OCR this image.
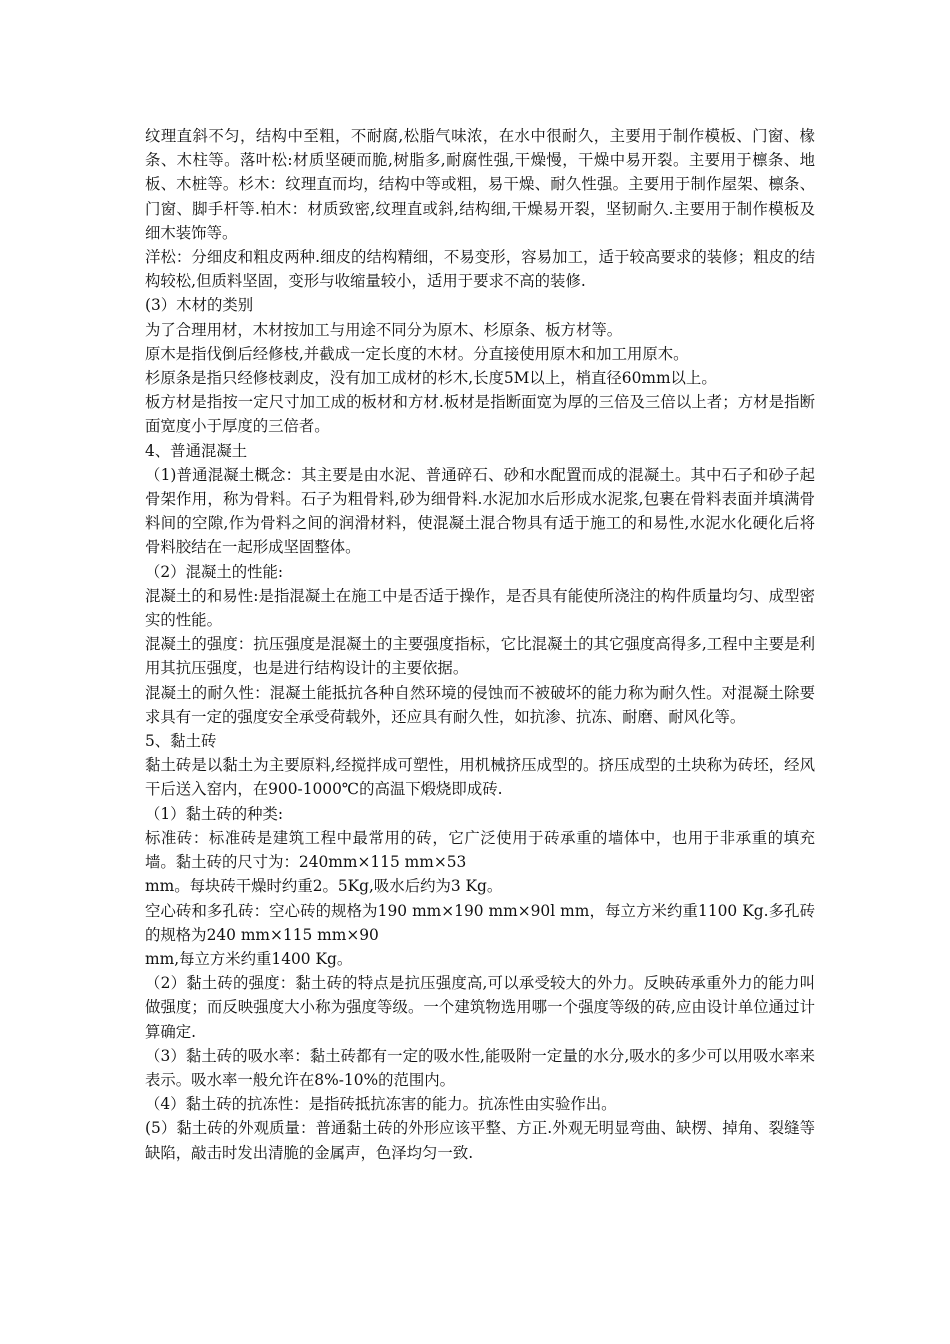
纹理直斜不匀，结构中至粗，不耐腐,松脂气味浓，在水中很耐久，主要用于制作模板、门窗、椽条、木柱等。落叶松:材质坚硬而脆,树脂多,耐腐性强,干燥慢，干燥中易开裂。主要用于檩条、地板、木桩等。杉木：纹理直而均，结构中等或粗，易干燥、耐久性强。主要用于制作屋架、檩条、门窗、脚手杆等.柏木：材质致密,纹理直或斜,结构细,干燥易开裂，坚韧耐久.主要用于制作模板及细木装饰等。

洋松：分细皮和粗皮两种.细皮的结构精细，不易变形，容易加工，适于较高要求的装修；粗皮的结构较松,但质料坚固，变形与收缩量较小，适用于要求不高的装修.

(3）木材的类别

为了合理用材，木材按加工与用途不同分为原木、杉原条、板方材等。

原木是指伐倒后经修枝,并截成一定长度的木材。分直接使用原木和加工用原木。

杉原条是指只经修枝剥皮，没有加工成材的杉木,长度5M以上，梢直径60mm以上。

板方材是指按一定尺寸加工成的板材和方材.板材是指断面宽为厚的三倍及三倍以上者；方材是指断面宽度小于厚度的三倍者。

4、普通混凝土

（1)普通混凝土概念：其主要是由水泥、普通碎石、砂和水配置而成的混凝土。其中石子和砂子起骨架作用，称为骨料。石子为粗骨料,砂为细骨料.水泥加水后形成水泥浆,包裹在骨料表面并填满骨料间的空隙,作为骨料之间的润滑材料，使混凝土混合物具有适于施工的和易性,水泥水化硬化后将骨料胶结在一起形成坚固整体。

（2）混凝土的性能:

混凝土的和易性:是指混凝土在施工中是否适于操作，是否具有能使所浇注的构件质量均匀、成型密实的性能。

混凝土的强度：抗压强度是混凝土的主要强度指标，它比混凝土的其它强度高得多,工程中主要是利用其抗压强度，也是进行结构设计的主要依据。

混凝土的耐久性：混凝土能抵抗各种自然环境的侵蚀而不被破坏的能力称为耐久性。对混凝土除要求具有一定的强度安全承受荷载外，还应具有耐久性，如抗渗、抗冻、耐磨、耐风化等。

5、黏土砖

黏土砖是以黏土为主要原料,经搅拌成可塑性，用机械挤压成型的。挤压成型的土块称为砖坯，经风干后送入窑内，在900-1000℃的高温下煅烧即成砖.

（1）黏土砖的种类:

标准砖：标准砖是建筑工程中最常用的砖，它广泛使用于砖承重的墙体中，也用于非承重的填充墙。黏土砖的尺寸为：240mm×115 mm×53

mm。每块砖干燥时约重2。5Kg,吸水后约为3 Kg。

空心砖和多孔砖：空心砖的规格为190 mm×190 mm×90l mm，每立方米约重1100 Kg.多孔砖的规格为240 mm×115 mm×90

mm,每立方米约重1400 Kg。

（2）黏土砖的强度：黏土砖的特点是抗压强度高,可以承受较大的外力。反映砖承重外力的能力叫做强度；而反映强度大小称为强度等级。一个建筑物选用哪一个强度等级的砖,应由设计单位通过计算确定.

（3）黏土砖的吸水率：黏土砖都有一定的吸水性,能吸附一定量的水分,吸水的多少可以用吸水率来表示。吸水率一般允许在8%-10%的范围内。

（4）黏土砖的抗冻性：是指砖抵抗冻害的能力。抗冻性由实验作出。

(5）黏土砖的外观质量：普通黏土砖的外形应该平整、方正.外观无明显弯曲、缺楞、掉角、裂缝等缺陷，敲击时发出清脆的金属声，色泽均匀一致.
